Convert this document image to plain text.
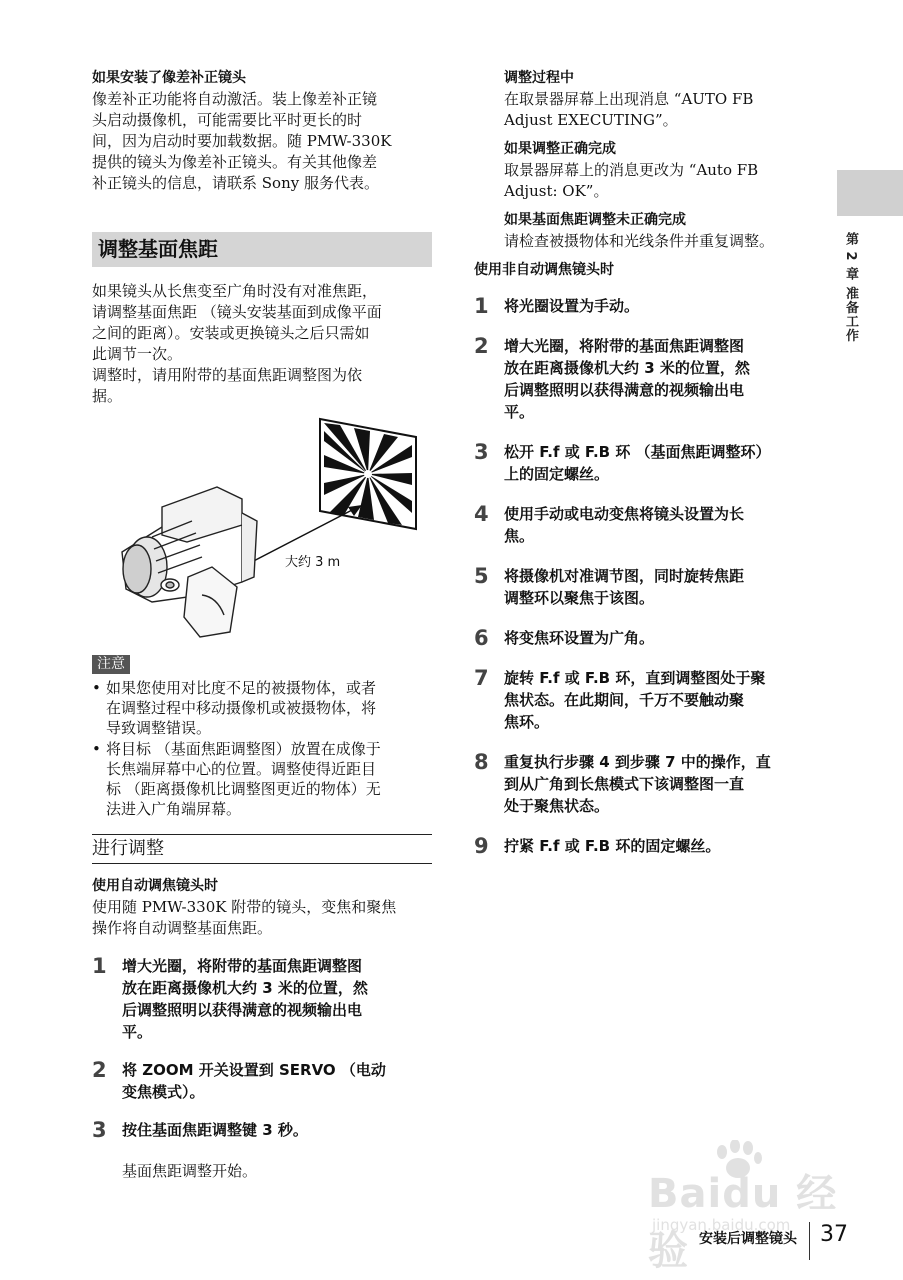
如果安装了像差补正镜头

像差补正功能将自动激活。装上像差补正镜

头启动摄像机，可能需要比平时更长的时

间，因为启动时要加载数据。随 PMW-330K

提供的镜头为像差补正镜头。有关其他像差

补正镜头的信息，请联系 Sony 服务代表。

调整基面焦距

如果镜头从长焦变至广角时没有对准焦距，

请调整基面焦距 （镜头安装基面到成像平面

之间的距离）。安装或更换镜头之后只需如

此调节一次。

调整时，请用附带的基面焦距调整图为依

据。

大约 3 m
注意
• 如果您使用对比度不足的被摄物体，或者
在调整过程中移动摄像机或被摄物体，将
导致调整错误。
• 将目标 （基面焦距调整图）放置在成像于
长焦端屏幕中心的位置。调整使得近距目
标 （距离摄像机比调整图更近的物体）无
法进入广角端屏幕。
进行调整

使用自动调焦镜头时

使用随 PMW-330K 附带的镜头，变焦和聚焦

操作将自动调整基面焦距。

1 增大光圈，将附带的基面焦距调整图
放在距离摄像机大约 3 米的位置，然
后调整照明以获得满意的视频输出电
平。
2 将 ZOOM 开关设置到 SERVO （电动
变焦模式）。
3 按住基面焦距调整键 3 秒。

基面焦距调整开始。

调整过程中

在取景器屏幕上出现消息 “AUTO FB

Adjust EXECUTING”。

如果调整正确完成

取景器屏幕上的消息更改为 “Auto FB

Adjust: OK”。

如果基面焦距调整未正确完成

请检查被摄物体和光线条件并重复调整。

使用非自动调焦镜头时

1 将光圈设置为手动。
2 增大光圈，将附带的基面焦距调整图
放在距离摄像机大约 3 米的位置，然
后调整照明以获得满意的视频输出电
平。
3 松开 F.f 或 F.B 环 （基面焦距调整环）
上的固定螺丝。
4 使用手动或电动变焦将镜头设置为长
焦。
5 将摄像机对准调节图，同时旋转焦距
调整环以聚焦于该图。
6 将变焦环设置为广角。
7 旋转 F.f 或 F.B 环，直到调整图处于聚
焦状态。在此期间，千万不要触动聚
焦环。
8 重复执行步骤 4 到步骤 7 中的操作，直
到从广角到长焦模式下该调整图一直
处于聚焦状态。
9 拧紧 F.f 或 F.B 环的固定螺丝。
第 2 章 准备工作
Baidu 经验
jingyan.baidu.com
安装后调整镜头 37
